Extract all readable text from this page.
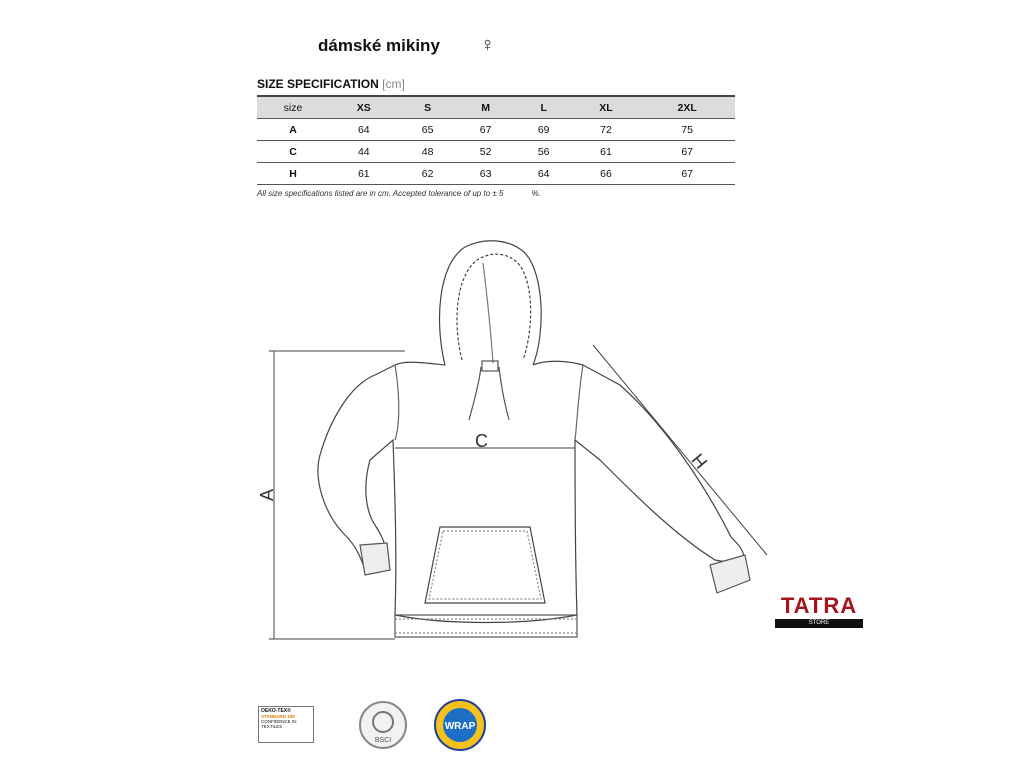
dámské mikiny ♀
SIZE SPECIFICATION [cm]
size	XS	S	M	L	XL	2XL
A	64	65	67	69	72	75
C	44	48	52	56	61	67
H	61	62	63	64	66	67
All size specifications listed are in cm. Accepted tolerance of up to ± 5	%.
A
C
H
TATRA
STORE
OEKO-TEX®
STANDARD 100
CONFIDENCE IN TEXTILES
BSCI
WRAP
